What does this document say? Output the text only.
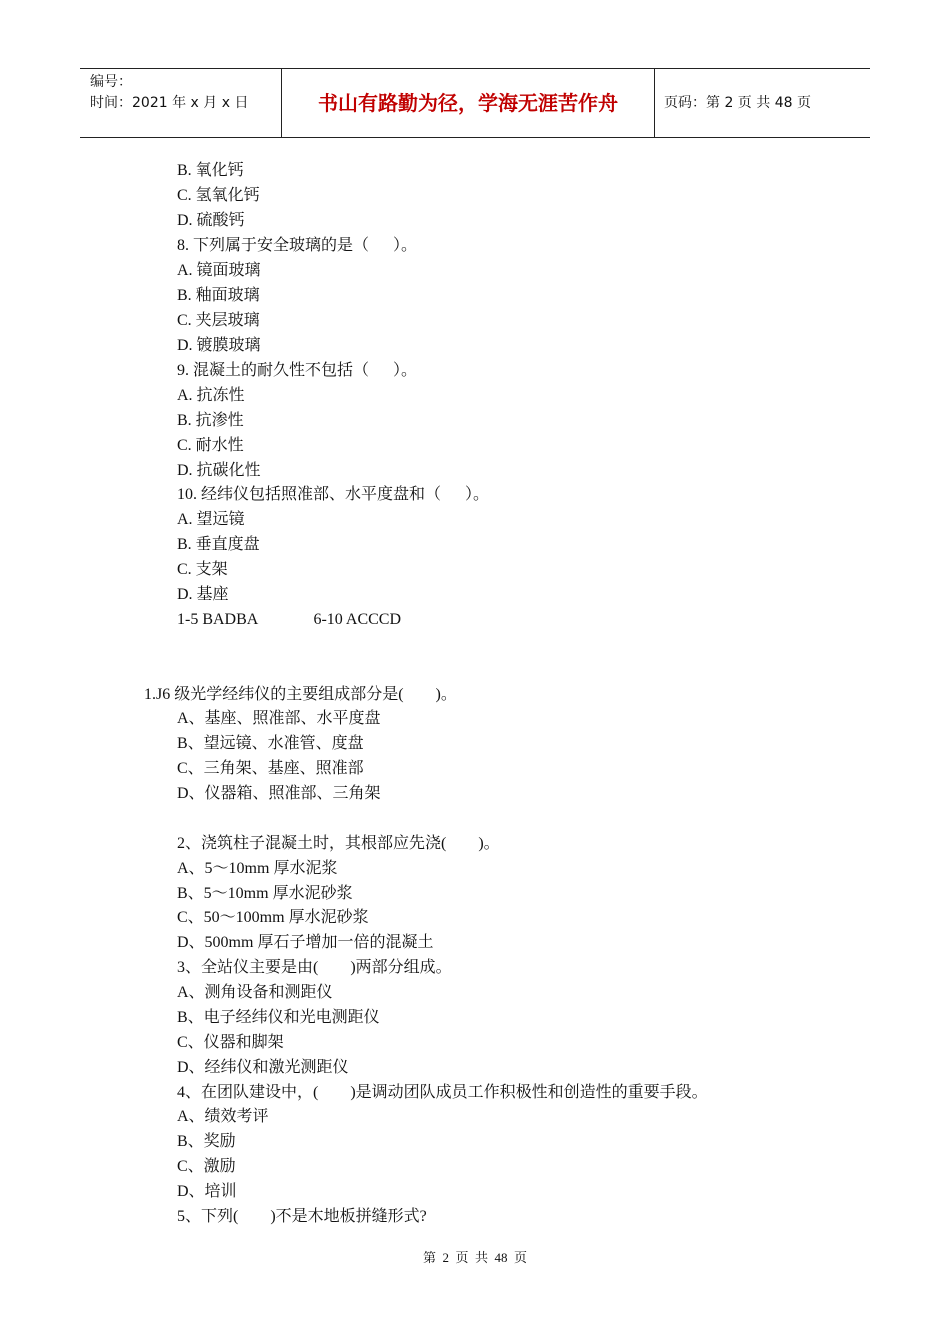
编号：
时间：2021 年 x 月 x 日	书山有路勤为径，学海无涯苦作舟	页码：第 2 页 共 48 页
B. 氧化钙
C. 氢氧化钙
D. 硫酸钙
8. 下列属于安全玻璃的是（      ）。
A. 镜面玻璃
B. 釉面玻璃
C. 夹层玻璃
D. 镀膜玻璃
9. 混凝土的耐久性不包括（      ）。
A. 抗冻性
B. 抗渗性
C. 耐水性
D. 抗碳化性
10. 经纬仪包括照准部、水平度盘和（      ）。
A. 望远镜
B. 垂直度盘
C. 支架
D. 基座
1-5 BADBA              6-10 ACCCD
1.J6 级光学经纬仪的主要组成部分是(        )。
A、基座、照准部、水平度盘
B、望远镜、水准管、度盘
C、三角架、基座、照准部
D、仪器箱、照准部、三角架
2、浇筑柱子混凝土时，其根部应先浇(        )。
A、5～10mm 厚水泥浆
B、5～10mm 厚水泥砂浆
C、50～100mm 厚水泥砂浆
D、500mm 厚石子增加一倍的混凝土
3、全站仪主要是由(        )两部分组成。
A、测角设备和测距仪
B、电子经纬仪和光电测距仪
C、仪器和脚架
D、经纬仪和激光测距仪
4、在团队建设中，(        )是调动团队成员工作积极性和创造性的重要手段。
A、绩效考评
B、奖励
C、激励
D、培训
5、下列(        )不是木地板拼缝形式?
第  2  页  共  48  页
